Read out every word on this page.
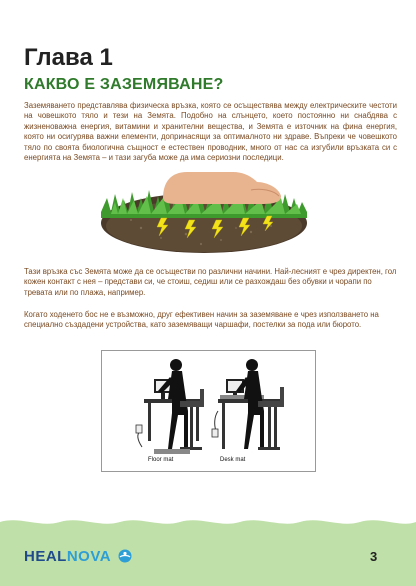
Глава 1
КАКВО Е ЗАЗЕМЯВАНЕ?

Заземяването представлява физическа връзка, която се осъществява между електрическите честоти на човешкото тяло и тези на Земята. Подобно на слънцето, което постоянно ни снабдява с жизненоважна енергия, витамини и хранителни вещества, и Земята е източник на фина енергия, която ни осигурява важни елементи, допринасящи за оптималното ни здраве. Въпреки че човешкото тяло по своята биологична същност е естествен проводник, много от нас са изгубили връзката си с енергията на Земята – и тази загуба може да има сериозни последици.

Тази връзка със Земята може да се осъществи по различни начини. Най-лесният е чрез директен, гол кожен контакт с нея – представи си, че стоиш, седиш или се разхождаш без обувки и чорапи по тревата или по плажа, например.

Когато ходенето бос не е възможно, друг ефективен начин за заземяване е чрез използването на специално създадени устройства, като заземяващи чаршафи, постелки за пода или бюрото.

Floor mat	Desk mat
HEALNOVA	3
